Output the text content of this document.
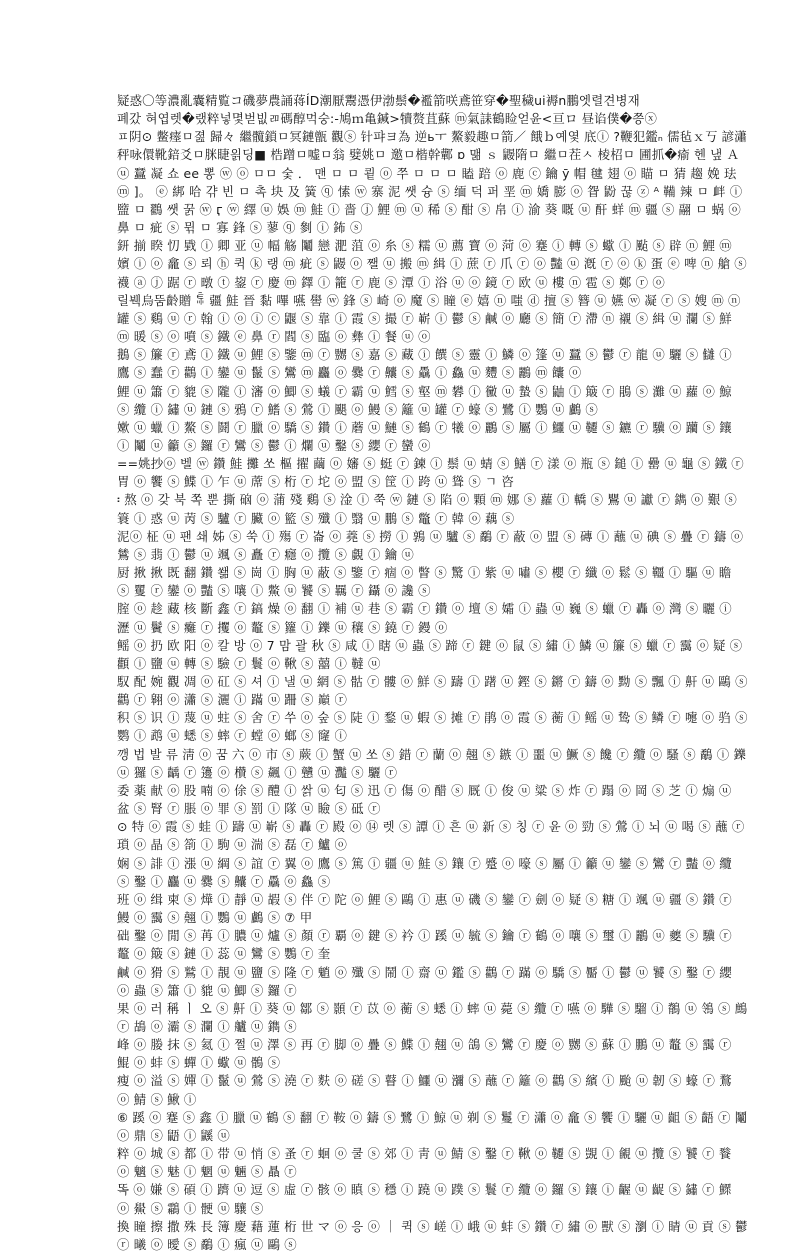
疑惑〇等濃亂囊精覧コ磯夢農誦蒋ÍD潮厭鬻憑伊渤鬃�襤箭咲鳶笹穿�聖穢ui褥n鵬엣렬견병재

폐갔 혀엽렛�랬粹넣몇벋빖ㄻ碼醇먹숭:-鳩ｍ亀鍼>犢赘苴蘇 ⓜ氣誄鶴睑얻윤<亘ロ 昼谄僕�쯩ⓧ

ㅍ阴⊙ 鳖瘗ㅁ졆 歸々 繼髖鎖ㅁ冥鏈甑 觀ⓢ 针퍄ヨ為 逆ьㅜ 鰲毅趣ㅁ箭／ 餓ｂ예옃 底ⓘ ?鞭犯鑑ₙ 儒毡ｘ丂 諺瀟秤咏儇靴錇爻ㅁ脒睫읡딩■ 梏蹭ㅁ嘘ㅁ翁 嬖姚ㅁ 邀ㅁ楷幹鄿 ɒ 맮 ｓ 鼹隋ㅁ 繼ㅁ茬ㅅ 棱柖ㅁ 圃抓�瘉 헨 냎 Ａ ⓤ 蠶 凝 쇼 ee 뽕 ⓦ ⓞ ㅁㅁ 숯 ． 맨 ㅁ ㅁ 쿁 ⓞ 쭈 ㅁ ㅁ ㅁ 瞌 踣 ⓞ 鹿 ⓒ 鑰 ӯ 帽 毽 翅 ⓞ 瞄 ㅁ 猜 趨 娩 珐 ⓜ ]。 ⓔ 綁 哈 갺 빈 ㅁ 촉 块 及 簧 ⓠ 愫 ⓦ 寨 泥 쌧 슝 ⓢ 缅 덕 퍼 垩 ⓜ 嬌 膨 ⓞ 眢 鼢 꾾 ⓩ ᴬ 鞴 辣 ㅁ 衅 ⓘ 盬 ㅁ 鸐 쌧 꿁 ⓦ ӷ ⓦ 繹 ⓤ 娛 ⓜ 鮭 ⓘ 嗇 ⓙ 鯉 ⓜ ⓤ 稀 ⓢ 酣 ⓢ 帛 ⓘ 渝 葵 嘅 ⓤ 酐 蛘 ⓜ 疆 ⓢ 翮 ㅁ 蜗 ⓞ 鼻 ㅁ 疵 ⓢ 뮊 ㅁ 寡 鋒 ⓢ 蓼 ⓠ 剼 ⓘ 鈽 ⓢ

鈃 揃 睽 忉 戥 ⓘ 卿 亚 ⓤ 幅 觞 鬮 戀 淝 菹 ⓞ 糸 ⓢ 糯 ⓤ 薦 寶 ⓞ 菏 ⓞ 蹇 ⓘ 轉 ⓢ 蠍 ⓘ 颭 ⓢ 辟 ⓝ 鯉 ⓜ 嬪 ⓘ ⓞ 龕 ⓢ 뢰 ⓗ 퀵 ⓚ 랭 ⓜ 疵 ⓢ 鼹 ⓞ 쨀 ⓤ 搬 ⓜ 緝 ⓘ 蔗 ⓡ 爪 ⓡ ⓞ 豔 ⓤ 漑 ⓡ ⓞ ⓚ 蛋 ⓔ 啤 ⓝ 艙 ⓢ 襪 ⓐ ⓙ 踞 ⓡ 暾 ⓣ 鋆 ⓡ 慶 ⓜ 鐸 ⓘ 籠 ⓡ 鹿 ⓢ 潭 ⓘ 浴 ⓤ ⓞ 鏡 ⓡ 欧 ⓤ 樓 ⓝ 雹 ⓢ 鄭 ⓡ ⓞ

릴붹烏뚬齡贈 ꁃ 疆 鮭 晉 黏 嗶 嚥 嚳 ⓦ 鋒 ⓢ 崎 ⓞ 魔 ⓢ 瞳 ⓔ 嬉 ⓝ 嗤 ⓓ 擅 ⓢ 簪 ⓤ 嬿 ⓦ 凝 ⓡ ⓢ 嫂 ⓜ ⓝ 罐 ⓢ 鷄 ⓤ ⓡ 翰 ⓘ ⓞ ⓘ ⓒ 鼴 ⓢ 靠 ⓘ 霞 ⓢ 撮 ⓡ 嶄 ⓘ 鬱 ⓢ 鹹 ⓞ 廳 ⓢ 簡 ⓡ 滯 ⓝ 襯 ⓢ 緝 ⓤ 瀾 ⓢ 鮮 ⓜ 暖 ⓢ ⓞ 噴 ⓢ 鐵 ⓔ 鼻 ⓡ 閻 ⓢ 臨 ⓞ 彝 ⓘ 餐 ⓤ ⓞ

鵝 ⓢ 簾 ⓡ 鳶 ⓘ 鐵 ⓤ 鯉 ⓢ 鑒 ⓜ ⓡ 嬲 ⓢ 嘉 ⓢ 藏 ⓘ 饌 ⓢ 靈 ⓘ 鱗 ⓞ 篷 ⓤ 蠶 ⓢ 鬱 ⓡ 龍 ⓤ 驪 ⓢ 讎 ⓘ 鷹 ⓢ 蠢 ⓡ 鸛 ⓘ 鑾 ⓤ 鬣 ⓢ 鸞 ⓜ 麤 ⓞ 爨 ⓡ 齉 ⓢ 驫 ⓘ 鱻 ⓤ 麷 ⓢ 鸝 ⓜ 饢 ⓞ

鯉 ⓤ 簫 ⓡ 貔 ⓢ 隴 ⓘ 瀋 ⓞ 鯽 ⓢ 蟻 ⓡ 霸 ⓤ 鱈 ⓢ 壑 ⓜ 礬 ⓘ 黴 ⓤ 蟄 ⓢ 鼬 ⓘ 簸 ⓡ 鵑 ⓢ 灘 ⓤ 蘿 ⓞ 鯨 ⓢ 纜 ⓘ 鏽 ⓤ 鏈 ⓢ 鴉 ⓡ 鰭 ⓢ 鶯 ⓘ 颶 ⓞ 鰻 ⓢ 籬 ⓤ 罐 ⓡ 蠔 ⓢ 鷺 ⓘ 鸚 ⓤ 鸕 ⓢ

嫰 ⓤ 蠟 ⓘ 鰲 ⓢ 鬪 ⓡ 臘 ⓞ 驕 ⓢ 鑽 ⓘ 蘑 ⓤ 鰱 ⓢ 鶴 ⓡ 犧 ⓞ 鸝 ⓢ 屬 ⓘ 鱷 ⓤ 韆 ⓢ 鑣 ⓡ 驥 ⓞ 躪 ⓢ 鑲 ⓘ 鬮 ⓤ 籲 ⓢ 鑼 ⓡ 鸞 ⓢ 鬱 ⓘ 爛 ⓤ 鑿 ⓢ 纓 ⓡ 蠻 ⓞ

==姚抄ⓞ 벨 ⓦ 鑽 鮭 攤 쏘 樞 擢 繭 ⓞ 嬸 ⓢ 蜓 ⓡ 鍊 ⓘ 鬃 ⓤ 蜻 ⓢ 鱔 ⓡ 漾 ⓞ 瓶 ⓢ 鎚 ⓘ 罍 ⓤ 龜 ⓢ 鐵 ⓡ 胃 ⓞ 饗 ⓢ 鰈 ⓘ 乍 ⓤ 蓆 ⓢ 桁 ⓡ 坨 ⓞ 盟 ⓢ 筐 ⓘ 跨 ⓤ 聳 ⓢ ㄱ 咨

፡ 熬 ⓞ 갖 북 쪽 뿐 撕 硇 ⓞ 蒲 殘 鷄 ⓢ 淦 ⓘ 쭉 ⓦ 鏈 ⓢ 陷 ⓞ 顆 ⓜ 娜 ⓢ 蘿 ⓘ 轎 ⓢ 鸎 ⓤ 讞 ⓡ 鐫 ⓞ 艱 ⓢ 簑 ⓘ 惑 ⓤ 苪 ⓢ 驢 ⓡ 臟 ⓞ 籃 ⓢ 殲 ⓘ 翳 ⓤ 鵬 ⓢ 鼈 ⓡ 韓 ⓞ 藕 ⓢ

泥ⓞ 柾 ⓤ 팬 쇄 姊 ⓢ 쑥 ⓘ 殤 ⓡ 崙 ⓞ 蕘 ⓢ 撈 ⓘ 鶉 ⓤ 驢 ⓢ 鷸 ⓡ 蔽 ⓞ 盟 ⓢ 磚 ⓘ 蘸 ⓤ 碘 ⓢ 疊 ⓡ 鑄 ⓞ 鷥 ⓢ 翡 ⓘ 鬱 ⓤ 颯 ⓢ 矗 ⓡ 癮 ⓞ 攬 ⓢ 覷 ⓘ 鑰 ⓤ

厨 揪 揪 既 翻 鑽 쐚 ⓢ 崗 ⓘ 胸 ⓤ 蔽 ⓢ 鑒 ⓡ 痼 ⓞ 瞥 ⓢ 驚 ⓘ 紫 ⓤ 嘯 ⓢ 櫻 ⓡ 纖 ⓞ 鬆 ⓢ 韁 ⓘ 驅 ⓤ 瞻 ⓢ 矍 ⓡ 鑾 ⓞ 豔 ⓢ 嚷 ⓘ 鱉 ⓤ 饕 ⓢ 羈 ⓡ 鑷 ⓞ 讒 ⓢ

腟 ⓞ 趁 藏 核 斷 鑫 ⓡ 鎬 燥 ⓞ 翻 ⓘ 補 ⓤ 巷 ⓢ 霸 ⓡ 鑽 ⓞ 壇 ⓢ 孀 ⓘ 蟲 ⓤ 巍 ⓢ 蠟 ⓡ 轟 ⓞ 灣 ⓢ 曬 ⓘ 瀝 ⓤ 鬢 ⓢ 癱 ⓡ 攫 ⓞ 鼇 ⓢ 籮 ⓘ 鑠 ⓤ 穰 ⓢ 鐃 ⓡ 鏝 ⓞ

鳐 ⓞ 扔 欧 阳 ⓞ 칼 방 ⓞ 7 맘 괄 秋 ⓢ 咸 ⓘ 瞎 ⓤ 蟲 ⓢ 蹄 ⓡ 鍵 ⓞ 鼠 ⓢ 繡 ⓘ 鱗 ⓤ 簾 ⓢ 蠟 ⓡ 靄 ⓞ 疑 ⓢ 顴 ⓘ 鹽 ⓤ 轉 ⓢ 驗 ⓡ 鬟 ⓞ 鞦 ⓢ 囍 ⓘ 韃 ⓤ

馭 配 婉 觀 凋 ⓞ 矼 ⓢ 셔 ⓘ 낼 ⓤ 網 ⓢ 骷 ⓡ 髏 ⓞ 鮮 ⓢ 躊 ⓘ 躇 ⓤ 鏗 ⓢ 鏘 ⓡ 鑄 ⓞ 黝 ⓢ 飄 ⓘ 鼾 ⓤ 鷗 ⓢ 鸛 ⓡ 翱 ⓞ 瀟 ⓢ 灑 ⓘ 蹣 ⓤ 跚 ⓢ 巔 ⓡ

积 ⓢ 识 ⓘ 蔑 ⓤ 蛀 ⓢ 舍 ⓡ 쑤 ⓞ 숲 ⓢ 陡 ⓘ 鍪 ⓤ 蝦 ⓢ 摊 ⓡ 鹃 ⓞ 霞 ⓢ 蘅 ⓘ 鳐 ⓤ 鸷 ⓢ 鳞 ⓡ 嚏 ⓞ 驺 ⓢ 鹦 ⓘ 鹉 ⓤ 蟋 ⓢ 蟀 ⓡ 螳 ⓞ 螂 ⓢ 窿 ⓘ

깽 법 발 류 淸 ⓞ 꿈 六 ⓞ 市 ⓢ 蕨 ⓘ 蟹 ⓤ 쏘 ⓢ 錯 ⓡ 蘭 ⓞ 翹 ⓢ 鏃 ⓘ 噩 ⓤ 鱖 ⓢ 饞 ⓡ 纜 ⓞ 騷 ⓢ 鷸 ⓘ 鑠 ⓤ 玀 ⓢ 齲 ⓡ 籩 ⓞ 欑 ⓢ 飆 ⓘ 戇 ⓤ 灩 ⓢ 驪 ⓡ

委 薬 献 ⓞ 股 喃 ⓞ 俆 ⓢ 醴 ⓘ 쌁 ⓤ 匂 ⓢ 迅 ⓡ 傷 ⓞ 醋 ⓢ 厩 ⓘ 俊 ⓤ 粱 ⓢ 炸 ⓡ 蹋 ⓞ 岡 ⓢ 芝 ⓘ 煽 ⓤ 盆 ⓢ 腎 ⓡ 脹 ⓞ 罪 ⓢ 罰 ⓘ 隊 ⓤ 瞼 ⓢ 砥 ⓡ

⊙ 特 ⓞ 霞 ⓢ 蛙 ⓘ 躊 ⓤ 嶄 ⓢ 轟 ⓡ 殿 ⓞ ⑭ 렛 ⓢ 譚 ⓘ 흔 ⓤ 新 ⓢ 칭 ⓡ 윤 ⓞ 勁 ⓢ 鶯 ⓘ 뇌 ⓤ 喝 ⓢ 蘸 ⓡ 瑣 ⓞ 晶 ⓢ 箚 ⓘ 駒 ⓤ 湍 ⓢ 磊 ⓡ 鱸 ⓞ

娴 ⓢ 誹 ⓘ 漲 ⓤ 綱 ⓢ 誼 ⓡ 翼 ⓞ 鷹 ⓢ 篤 ⓘ 疆 ⓤ 鮭 ⓢ 鑲 ⓡ 蹙 ⓞ 嚎 ⓢ 屬 ⓘ 籲 ⓤ 鑾 ⓢ 鸞 ⓡ 豔 ⓞ 纜 ⓢ 鑿 ⓘ 麤 ⓤ 爨 ⓢ 齉 ⓡ 驫 ⓞ 鱻 ⓢ

班 ⓞ 缉 柬 ⓢ 燁 ⓘ 靜 ⓤ 嘏 ⓢ 伴 ⓡ 陀 ⓞ 鯉 ⓢ 鷗 ⓘ 惠 ⓤ 磯 ⓢ 鑾 ⓡ 劍 ⓞ 疑 ⓢ 糖 ⓘ 颯 ⓤ 疆 ⓢ 鑽 ⓡ 鰻 ⓞ 靄 ⓢ 翹 ⓘ 鸚 ⓤ 鸕 ⓢ ⑦ 甲

础 鑿 ⓞ 閒 ⓢ 苒 ⓘ 膿 ⓤ 爐 ⓢ 顏 ⓡ 覇 ⓞ 鍵 ⓢ 衿 ⓘ 蹊 ⓤ 毓 ⓢ 鑰 ⓡ 鶴 ⓞ 嚷 ⓢ 璽 ⓘ 鸝 ⓤ 夔 ⓢ 驥 ⓡ 鼇 ⓞ 簸 ⓢ 鏈 ⓘ 蕊 ⓤ 鸞 ⓢ 鸚 ⓡ 奎

鹹 ⓞ 猾 ⓢ 鷲 ⓘ 靚 ⓤ 鹽 ⓢ 隆 ⓡ 魈 ⓞ 殲 ⓢ 鬧 ⓘ 齋 ⓤ 鑑 ⓢ 鸛 ⓡ 蹣 ⓞ 驕 ⓢ 靨 ⓘ 鬱 ⓤ 饕 ⓢ 鑿 ⓡ 纓 ⓞ 蟲 ⓢ 簫 ⓘ 貔 ⓤ 鯽 ⓢ 鑼 ⓡ

果 ⓞ 러 稱 ㅣ 오 ⓢ 鼾 ⓘ 葵 ⓤ 鄒 ⓢ 顥 ⓡ 苡 ⓞ 蘅 ⓢ 蟋 ⓘ 蟀 ⓤ 薨 ⓢ 纜 ⓡ 嚥 ⓞ 驊 ⓢ 騮 ⓘ 鶺 ⓤ 鴒 ⓢ 鷓 ⓡ 鴣 ⓞ 灞 ⓢ 瀾 ⓘ 艫 ⓤ 鐫 ⓢ

峰 ⓞ 媵 抹 ⓢ 氦 ⓘ 쩔 ⓤ 澤 ⓢ 再 ⓡ 脚 ⓞ 疊 ⓢ 鰈 ⓘ 翹 ⓤ 鴿 ⓢ 鸞 ⓡ 慶 ⓞ 嬲 ⓢ 蘇 ⓘ 鵬 ⓤ 鼇 ⓢ 靄 ⓡ 鯤 ⓞ 蚌 ⓢ 蟬 ⓘ 蠍 ⓤ 鶻 ⓢ

瘦 ⓞ 溢 ⓢ 嬋 ⓘ 鬣 ⓤ 鶯 ⓢ 澆 ⓡ 麩 ⓞ 磋 ⓢ 瞽 ⓘ 鱷 ⓤ 瀰 ⓢ 蘸 ⓡ 籬 ⓞ 鸛 ⓢ 繽 ⓘ 颱 ⓤ 韌 ⓢ 蠔 ⓡ 鶩 ⓞ 鯖 ⓢ 鰍 ⓘ

⑥ 蹊 ⓞ 蹇 ⓢ 鑫 ⓘ 臘 ⓤ 鶴 ⓢ 翻 ⓡ 鞍 ⓞ 鑄 ⓢ 鷺 ⓘ 鯨 ⓤ 剃 ⓢ 鬘 ⓡ 瀟 ⓞ 龕 ⓢ 饗 ⓘ 驪 ⓤ 齟 ⓢ 齬 ⓡ 鬮 ⓞ 鼎 ⓢ 鼯 ⓘ 鼷 ⓤ

粹 ⓞ 城 ⓢ 都 ⓘ 带 ⓤ 悄 ⓢ 蚤 ⓡ 蛔 ⓞ 쿨 ⓢ 郊 ⓘ 靑 ⓤ 鯖 ⓢ 鑿 ⓡ 鞦 ⓞ 韆 ⓢ 覬 ⓘ 覦 ⓤ 攬 ⓢ 饕 ⓡ 餮 ⓞ 魑 ⓢ 魅 ⓘ 魍 ⓤ 魎 ⓢ 贔 ⓡ

똑 ⓞ 嫌 ⓢ 碩 ⓘ 躋 ⓤ 逗 ⓢ 虛 ⓡ 骸 ⓞ 瞋 ⓢ 穩 ⓘ 蹺 ⓤ 蹼 ⓢ 鬟 ⓡ 纜 ⓞ 鑼 ⓢ 鑲 ⓘ 齷 ⓤ 齪 ⓢ 鏽 ⓡ 鰥 ⓞ 鱟 ⓢ 鸘 ⓘ 骾 ⓤ 驤 ⓢ

換 瞳 擦 撒 殊 長 簿 慶 藉 蓮 桁 世 マ ⓞ 응 ⓞ ｜ 퀵 ⓢ 嵯 ⓘ 峨 ⓤ 蚌 ⓢ 鑽 ⓡ 繡 ⓞ 獸 ⓢ 瀏 ⓘ 睛 ⓤ 貢 ⓢ 鬱 ⓡ 曦 ⓞ 曖 ⓢ 鷸 ⓘ 瘋 ⓤ 鷗 ⓢ
